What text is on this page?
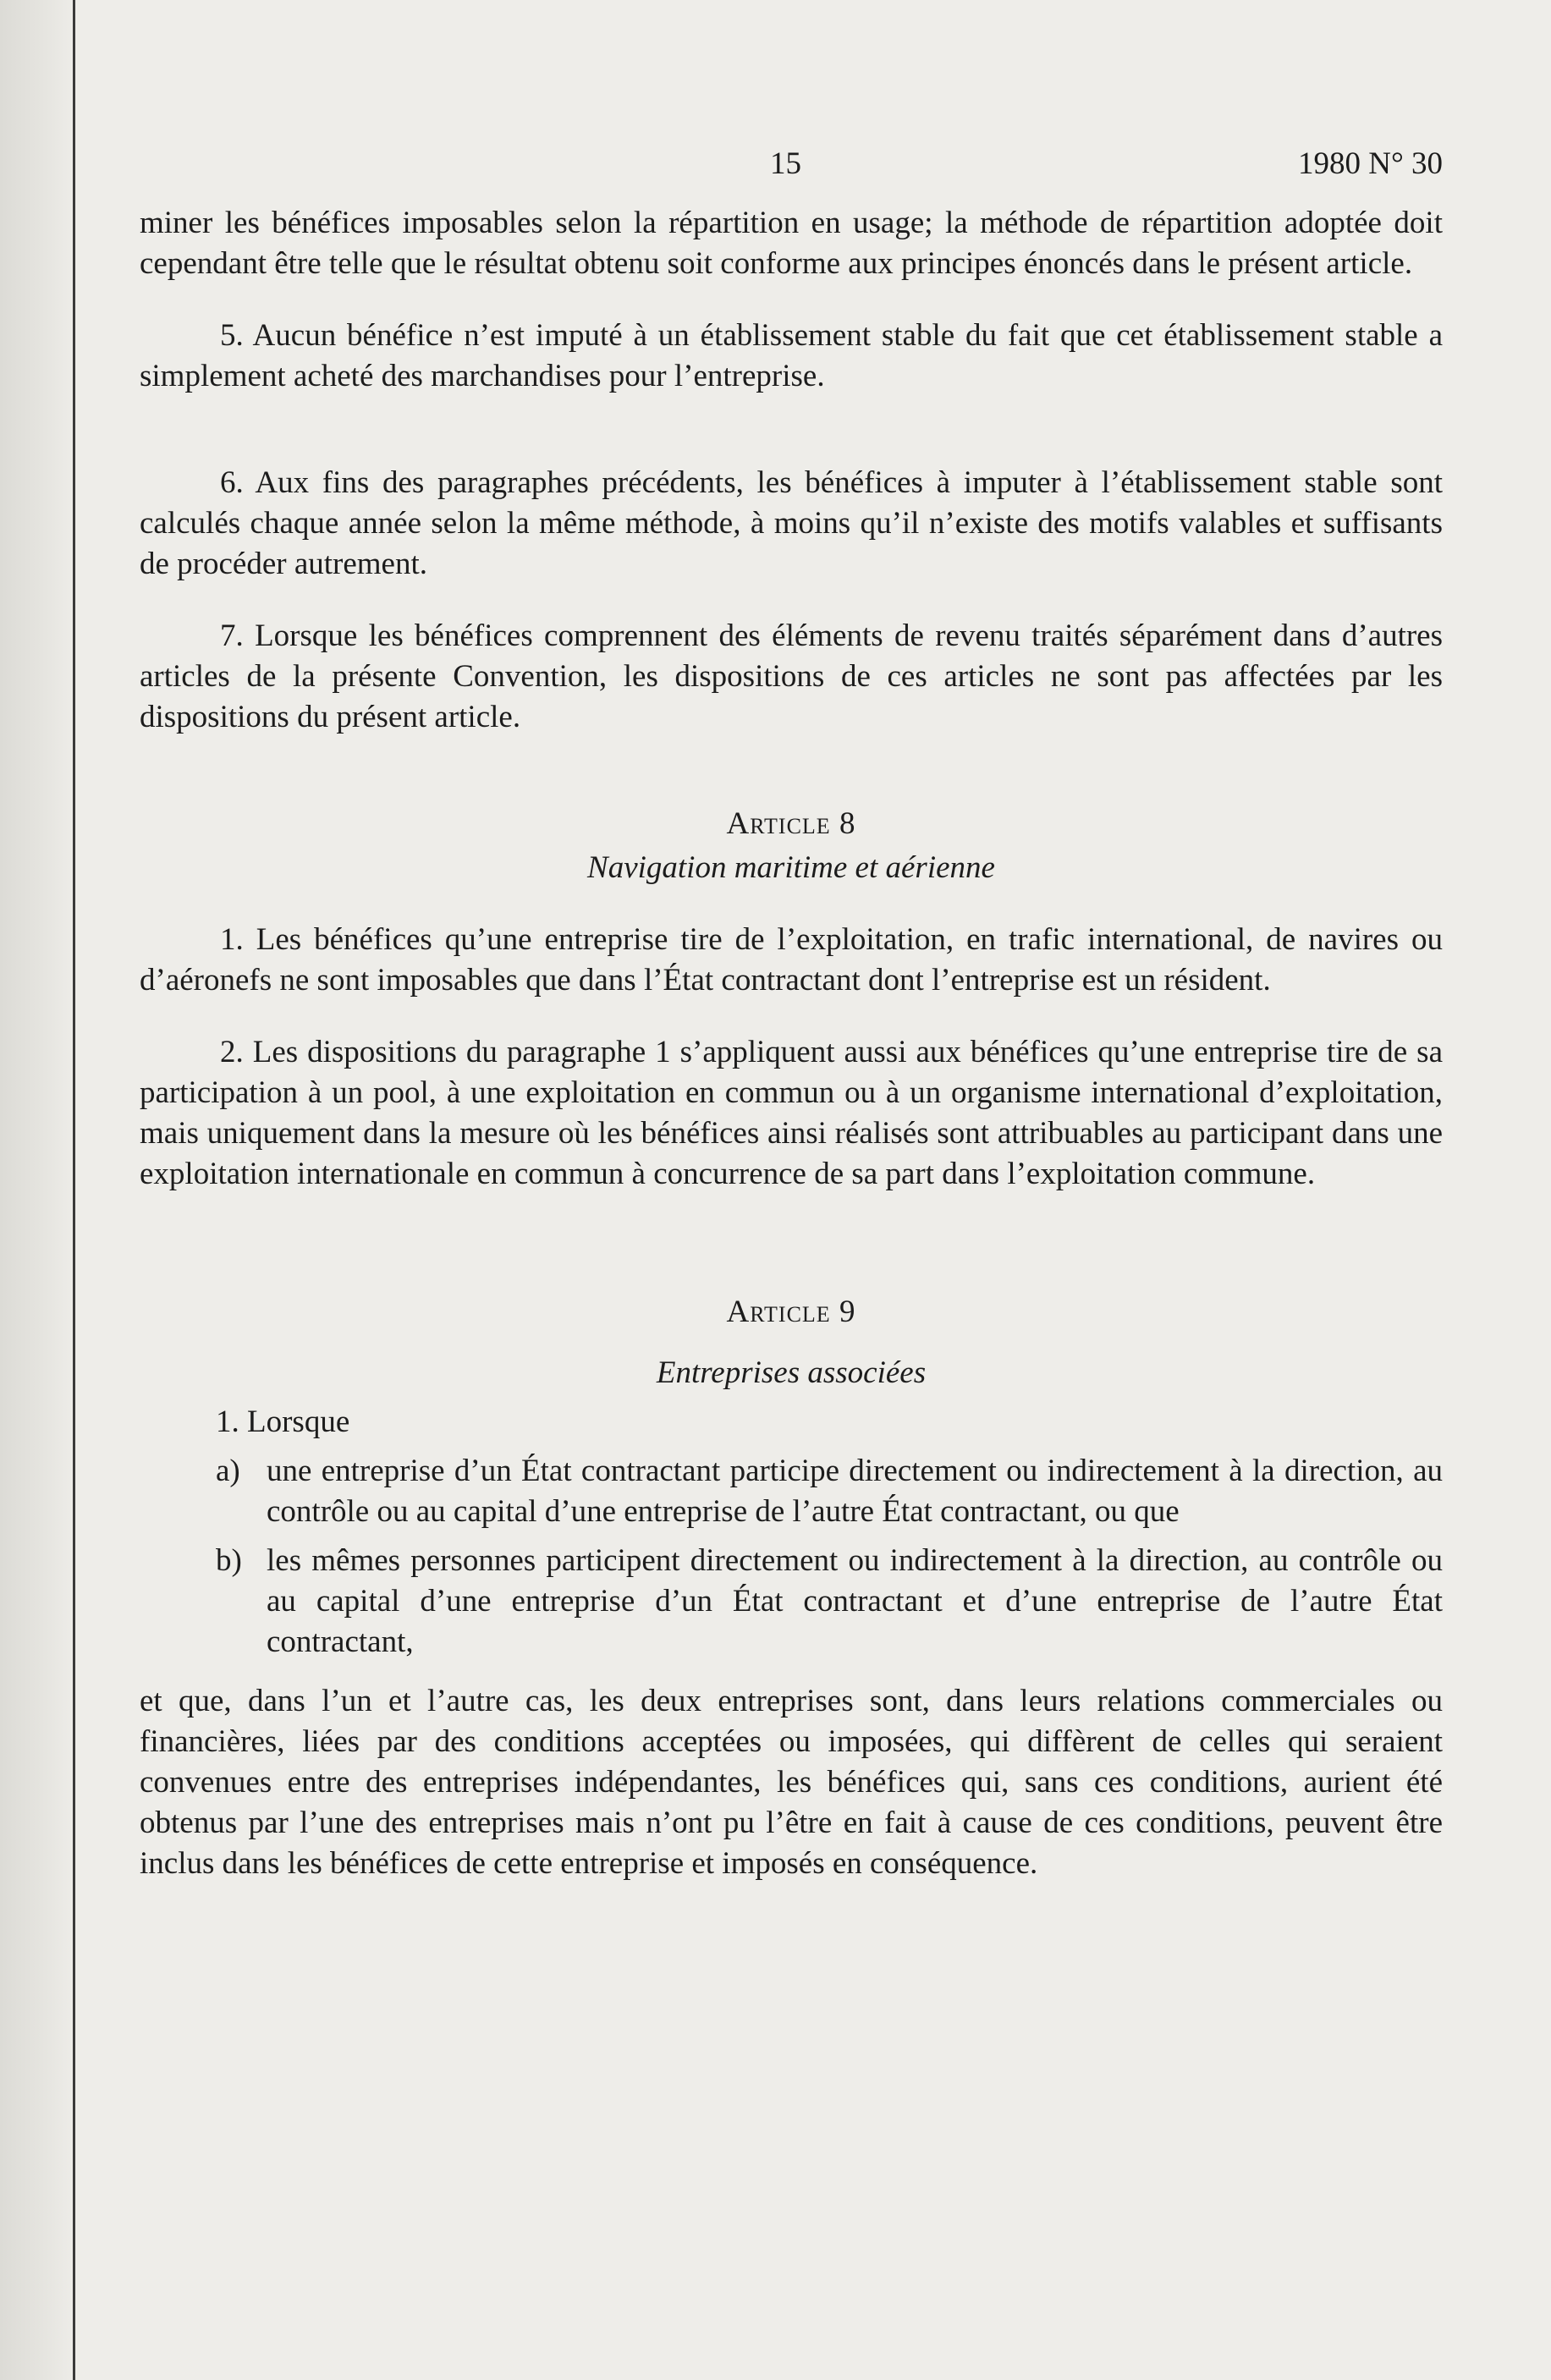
15	1980 N° 30

miner les bénéfices imposables selon la répartition en usage; la méthode de répartition adoptée doit cependant être telle que le résultat obtenu soit conforme aux principes énoncés dans le présent article.

5. Aucun bénéfice n’est imputé à un établissement stable du fait que cet établissement stable a simplement acheté des marchandises pour l’entreprise.

6. Aux fins des paragraphes précédents, les bénéfices à imputer à l’établissement stable sont calculés chaque année selon la même méthode, à moins qu’il n’existe des motifs valables et suffisants de procéder autrement.

7. Lorsque les bénéfices comprennent des éléments de revenu traités séparément dans d’autres articles de la présente Convention, les dispositions de ces articles ne sont pas affectées par les dispositions du présent article.

Article 8
Navigation maritime et aérienne

1. Les bénéfices qu’une entreprise tire de l’exploitation, en trafic international, de navires ou d’aéronefs ne sont imposables que dans l’État contractant dont l’entreprise est un résident.

2. Les dispositions du paragraphe 1 s’appliquent aussi aux bénéfices qu’une entreprise tire de sa participation à un pool, à une exploitation en commun ou à un organisme international d’exploitation, mais uniquement dans la mesure où les bénéfices ainsi réalisés sont attribuables au participant dans une exploitation internationale en commun à concurrence de sa part dans l’exploitation commune.

Article 9
Entreprises associées

1. Lorsque

a) une entreprise d’un État contractant participe directement ou indirectement à la direction, au contrôle ou au capital d’une entreprise de l’autre État contractant, ou que
b) les mêmes personnes participent directement ou indirectement à la direction, au contrôle ou au capital d’une entreprise d’un État contractant et d’une entreprise de l’autre État contractant,

et que, dans l’un et l’autre cas, les deux entreprises sont, dans leurs relations commerciales ou financières, liées par des conditions acceptées ou imposées, qui diffèrent de celles qui seraient convenues entre des entreprises indépendantes, les bénéfices qui, sans ces conditions, aurient été obtenus par l’une des entreprises mais n’ont pu l’être en fait à cause de ces conditions, peuvent être inclus dans les bénéfices de cette entreprise et imposés en conséquence.
